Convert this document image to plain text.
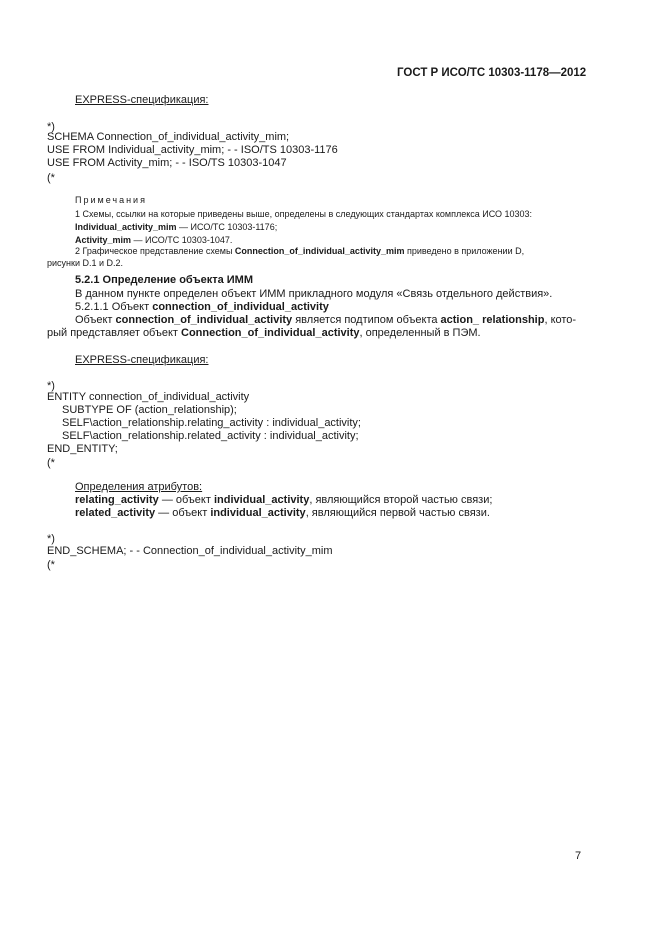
ГОСТ Р ИСО/ТС 10303-1178—2012
EXPRESS-спецификация:
*)
SCHEMA Connection_of_individual_activity_mim;
USE FROM Individual_activity_mim; - - ISO/TS 10303-1176
USE FROM Activity_mim; - - ISO/TS 10303-1047
(*
Примечания
1 Схемы, ссылки на которые приведены выше, определены в следующих стандартах комплекса ИСО 10303:
Individual_activity_mim — ИСО/ТС 10303-1176;
Activity_mim — ИСО/ТС 10303-1047.
2 Графическое представление схемы Connection_of_individual_activity_mim приведено в приложении D,
рисунки D.1 и D.2.
5.2.1 Определение объекта ИММ
В данном пункте определен объект ИММ прикладного модуля «Связь отдельного действия».
5.2.1.1 Объект connection_of_individual_activity
Объект connection_of_individual_activity является подтипом объекта action_ relationship, кото-
рый представляет объект Connection_of_individual_activity, определенный в ПЭМ.
EXPRESS-спецификация:
*)
ENTITY connection_of_individual_activity
SUBTYPE OF (action_relationship);
SELF\action_relationship.relating_activity : individual_activity;
SELF\action_relationship.related_activity : individual_activity;
END_ENTITY;
(*
Определения атрибутов:
relating_activity — объект individual_activity, являющийся второй частью связи;
related_activity — объект individual_activity, являющийся первой частью связи.
*)
END_SCHEMA; - - Connection_of_individual_activity_mim
(*
7
